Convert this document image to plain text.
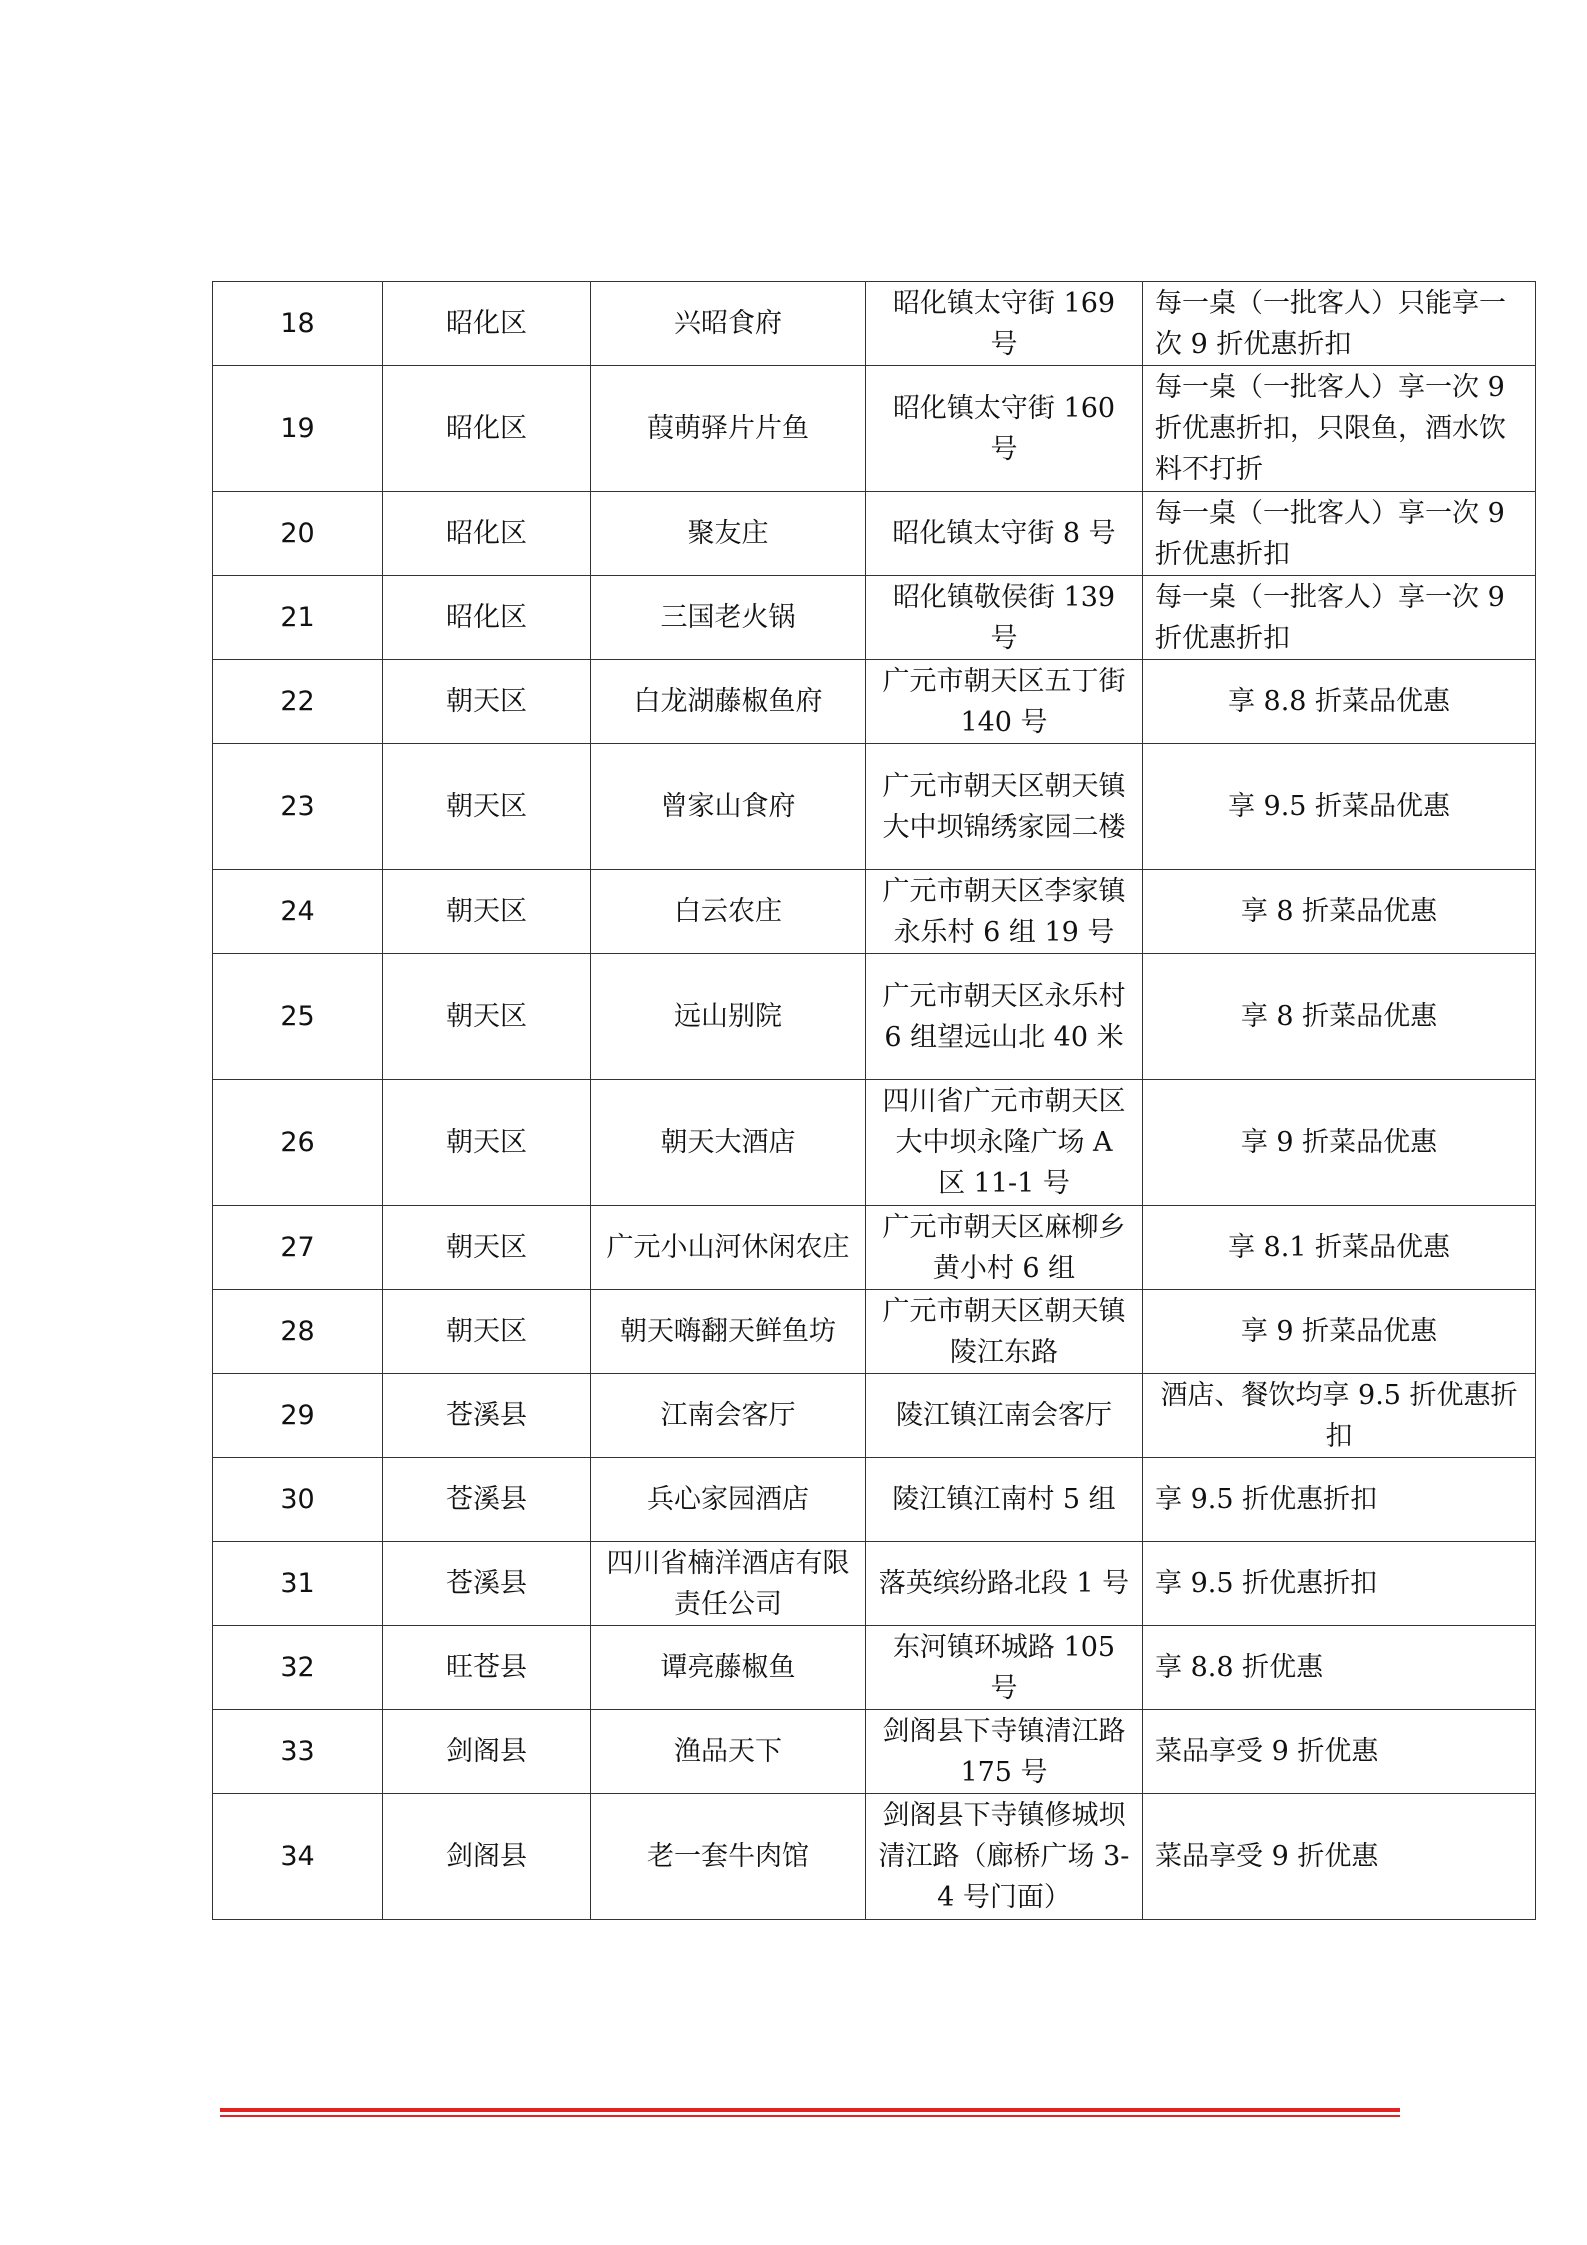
18	昭化区	兴昭食府	昭化镇太守街 169 号	每一桌（一批客人）只能享一次 9 折优惠折扣
19	昭化区	葭萌驿片片鱼	昭化镇太守街 160 号	每一桌（一批客人）享一次 9 折优惠折扣，只限鱼，酒水饮料不打折
20	昭化区	聚友庄	昭化镇太守街 8 号	每一桌（一批客人）享一次 9 折优惠折扣
21	昭化区	三国老火锅	昭化镇敬侯街 139 号	每一桌（一批客人）享一次 9 折优惠折扣
22	朝天区	白龙湖藤椒鱼府	广元市朝天区五丁街 140 号	享 8.8 折菜品优惠
23	朝天区	曾家山食府	广元市朝天区朝天镇大中坝锦绣家园二楼	享 9.5 折菜品优惠
24	朝天区	白云农庄	广元市朝天区李家镇永乐村 6 组 19 号	享 8 折菜品优惠
25	朝天区	远山别院	广元市朝天区永乐村 6 组望远山北 40 米	享 8 折菜品优惠
26	朝天区	朝天大酒店	四川省广元市朝天区大中坝永隆广场 A 区 11-1 号	享 9 折菜品优惠
27	朝天区	广元小山河休闲农庄	广元市朝天区麻柳乡黄小村 6 组	享 8.1 折菜品优惠
28	朝天区	朝天嗨翻天鲜鱼坊	广元市朝天区朝天镇陵江东路	享 9 折菜品优惠
29	苍溪县	江南会客厅	陵江镇江南会客厅	酒店、餐饮均享 9.5 折优惠折扣
30	苍溪县	兵心家园酒店	陵江镇江南村 5 组	享 9.5 折优惠折扣
31	苍溪县	四川省楠洋酒店有限责任公司	落英缤纷路北段 1 号	享 9.5 折优惠折扣
32	旺苍县	谭亮藤椒鱼	东河镇环城路 105 号	享 8.8 折优惠
33	剑阁县	渔品天下	剑阁县下寺镇清江路 175 号	菜品享受 9 折优惠
34	剑阁县	老一套牛肉馆	剑阁县下寺镇修城坝清江路（廊桥广场 3-4 号门面）	菜品享受 9 折优惠
